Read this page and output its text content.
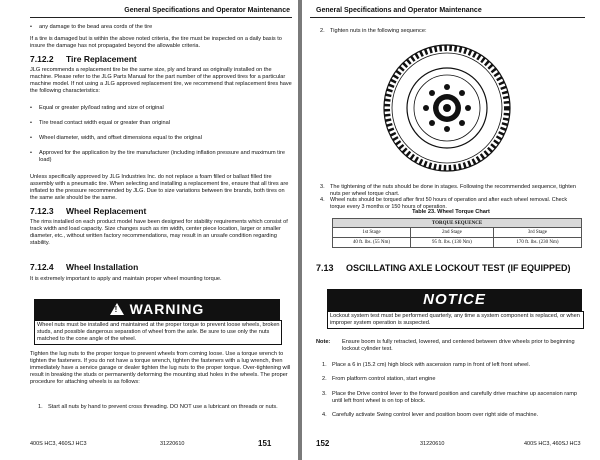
General Specifications and Operator Maintenance
• any damage to the bead area cords of the tire
If a tire is damaged but is within the above noted criteria, the tire must be inspected on a daily basis to insure the damage has not propagated beyond the allowable criteria.
7.12.2 Tire Replacement
JLG recommends a replacement tire be the same size, ply and brand as originally installed on the machine. Please refer to the JLG Parts Manual for the part number of the approved tires for a particular machine model. If not using a JLG approved replacement tire, we recommend that replacement tires have the following characteristics:
• Equal or greater ply/load rating and size of original
• Tire tread contact width equal or greater than original
• Wheel diameter, width, and offset dimensions equal to the original
• Approved for the application by the tire manufacturer (including inflation pressure and maximum tire load)
Unless specifically approved by JLG Industries Inc. do not replace a foam filled or ballast filled tire assembly with a pneumatic tire. When selecting and installing a replacement tire, ensure that all tires are inflated to the pressure recommended by JLG. Due to size variations between tire brands, both tires on the same axle should be the same.
7.12.3 Wheel Replacement
The rims installed on each product model have been designed for stability requirements which consist of track width and load capacity. Size changes such as rim width, center piece location, larger or smaller diameter, etc., without written factory recommendations, may result in an unsafe condition regarding stability.
7.12.4 Wheel Installation
It is extremely important to apply and maintain proper wheel mounting torque.
! WARNING
Wheel nuts must be installed and maintained at the proper torque to prevent loose wheels, broken studs, and possible dangerous separation of wheel from the axle. Be sure to use only the nuts matched to the cone angle of the wheel.
Tighten the lug nuts to the proper torque to prevent wheels from coming loose. Use a torque wrench to tighten the fasteners. If you do not have a torque wrench, tighten the fasteners with a lug wrench, then immediately have a service garage or dealer tighten the lug nuts to the proper torque. Over-tightening will result in breaking the studs or permanently deforming the mounting stud holes in the wheels. The proper procedure for attaching wheels is as follows:
1. Start all nuts by hand to prevent cross threading. DO NOT use a lubricant on threads or nuts.
400S HC3, 460SJ HC3	31220610	151
General Specifications and Operator Maintenance
2. Tighten nuts in the following sequence:
3. The tightening of the nuts should be done in stages. Following the recommended sequence, tighten nuts per wheel torque chart.
4. Wheel nuts should be torqued after first 50 hours of operation and after each wheel removal. Check torque every 3 months or 150 hours of operation.
Table 23. Wheel Torque Chart
TORQUE SEQUENCE		
1st Stage	2nd Stage	3rd Stage
40 ft. lbs. (55 Nm)	95 ft. lbs. (130 Nm)	170 ft. lbs. (230 Nm)
7.13 OSCILLATING AXLE LOCKOUT TEST (IF EQUIPPED)
NOTICE
Lockout system test must be performed quarterly, any time a system component is replaced, or when improper system operation is suspected.
Note: Ensure boom is fully retracted, lowered, and centered between drive wheels prior to beginning lockout cylinder test.
1. Place a 6 in (15.2 cm) high block with ascension ramp in front of left front wheel.
2. From platform control station, start engine
3. Place the Drive control lever to the forward position and carefully drive machine up ascension ramp until left front wheel is on top of block.
4. Carefully activate Swing control lever and position boom over right side of machine.
152	31220610	400S HC3, 460SJ HC3
